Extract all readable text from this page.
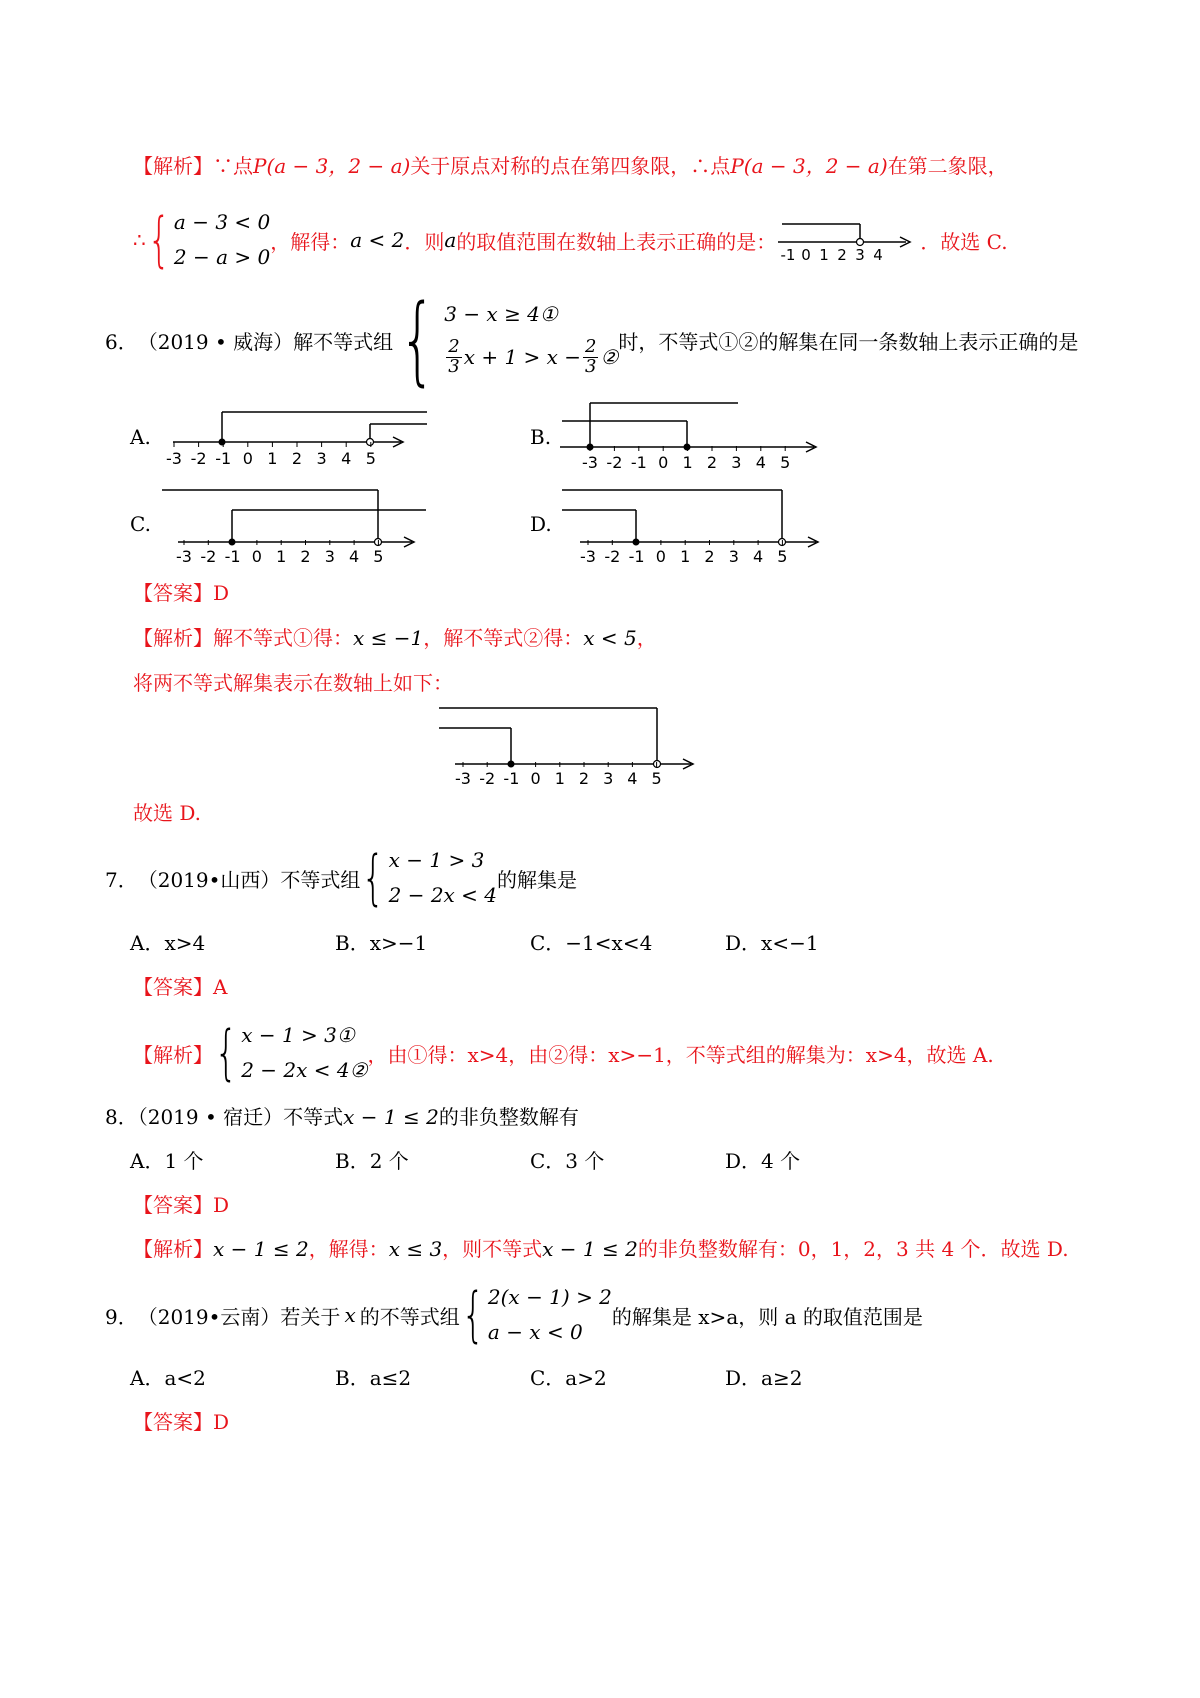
【解析】∵点P(a − 3，2 − a)关于原点对称的点在第四象限，∴点P(a − 3，2 − a)在第二象限，
∴ { a − 3 < 0
2 − a > 0
，解得： a < 2 ．则 a 的取值范围在数轴上表示正确的是：
-1 0 1 2 3 4
．故选 C.
6． （2019 • 威海）解不等式组 { 3 − x ≥ 4①
$\frac{2}{3}$ $x + 1 > x - \frac{2}{3}$ ②
时，不等式①②的解集在同一条数轴上表示正确的是
A.	B.
C.	D.
-3 -2 -1 0 1 2 3 4 5	-3 -2 -1 0 1 2 3 4 5
-3 -2 -1 0 1 2 3 4 5	-3 -2 -1 0 1 2 3 4 5
【答案】D
【解析】解不等式①得：x ≤ −1，解不等式②得：x < 5，
将两不等式解集表示在数轴上如下：
-3 -2 -1 0 1 2 3 4 5
故选 D.
7． （2019•山西）不等式组 { x − 1 > 3
2 − 2x < 4
的解集是
A．x>4	B．x>−1	C．−1<x<4	D．x<−1
【答案】A
【解析】 { x − 1 > 3①
2 − 2x < 4②
，由①得：x>4，由②得：x>−1，不等式组的解集为：x>4，故选 A.
8．（2019 • 宿迁）不等式x − 1 ≤ 2的非负整数解有
A．1 个	B．2 个	C．3 个	D．4 个
【答案】D
【解析】x − 1 ≤ 2，解得：x ≤ 3，则不等式x − 1 ≤ 2的非负整数解有：0，1，2，3 共 4 个．故选 D.
9． （2019•云南）若关于 x 的不等式组 { 2(x − 1) > 2
a − x < 0
的解集是 x>a，则 a 的取值范围是
A．a<2	B．a≤2	C．a>2	D．a≥2
【答案】D
